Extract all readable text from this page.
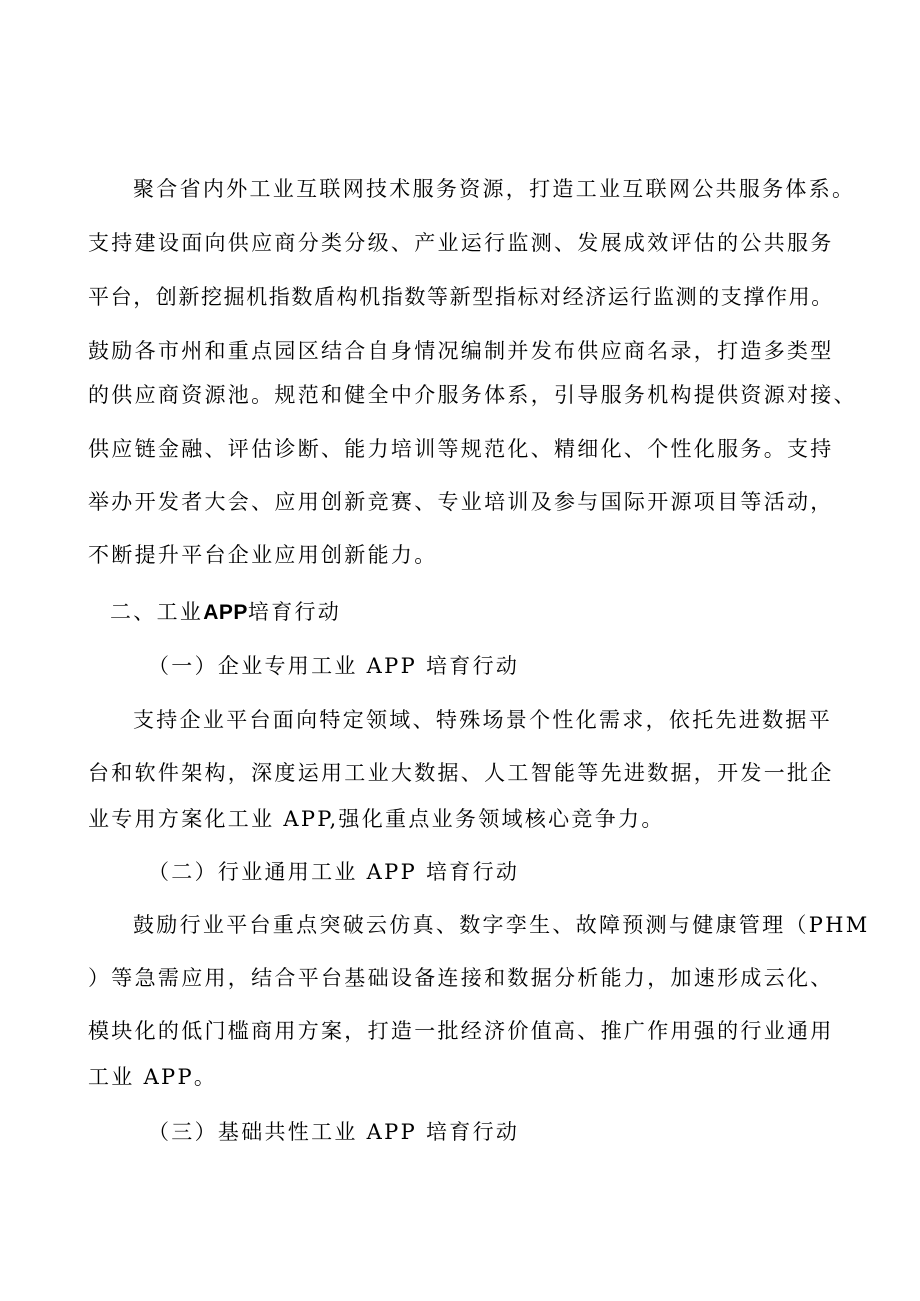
聚合省内外工业互联网技术服务资源，打造工业互联网公共服务体系。
支持建设面向供应商分类分级、产业运行监测、发展成效评估的公共服务
平台，创新挖掘机指数盾构机指数等新型指标对经济运行监测的支撑作用。
鼓励各市州和重点园区结合自身情况编制并发布供应商名录，打造多类型
的供应商资源池。规范和健全中介服务体系，引导服务机构提供资源对接、
供应链金融、评估诊断、能力培训等规范化、精细化、个性化服务。支持
举办开发者大会、应用创新竞赛、专业培训及参与国际开源项目等活动，
不断提升平台企业应用创新能力。
二、工业APP培育行动
（一）企业专用工业 APP 培育行动
支持企业平台面向特定领域、特殊场景个性化需求，依托先进数据平
台和软件架构，深度运用工业大数据、人工智能等先进数据，开发一批企
业专用方案化工业 APP,强化重点业务领域核心竞争力。
（二）行业通用工业 APP 培育行动
鼓励行业平台重点突破云仿真、数字孪生、故障预测与健康管理（PHM
）等急需应用，结合平台基础设备连接和数据分析能力，加速形成云化、
模块化的低门槛商用方案，打造一批经济价值高、推广作用强的行业通用
工业 APP。
（三）基础共性工业 APP 培育行动
